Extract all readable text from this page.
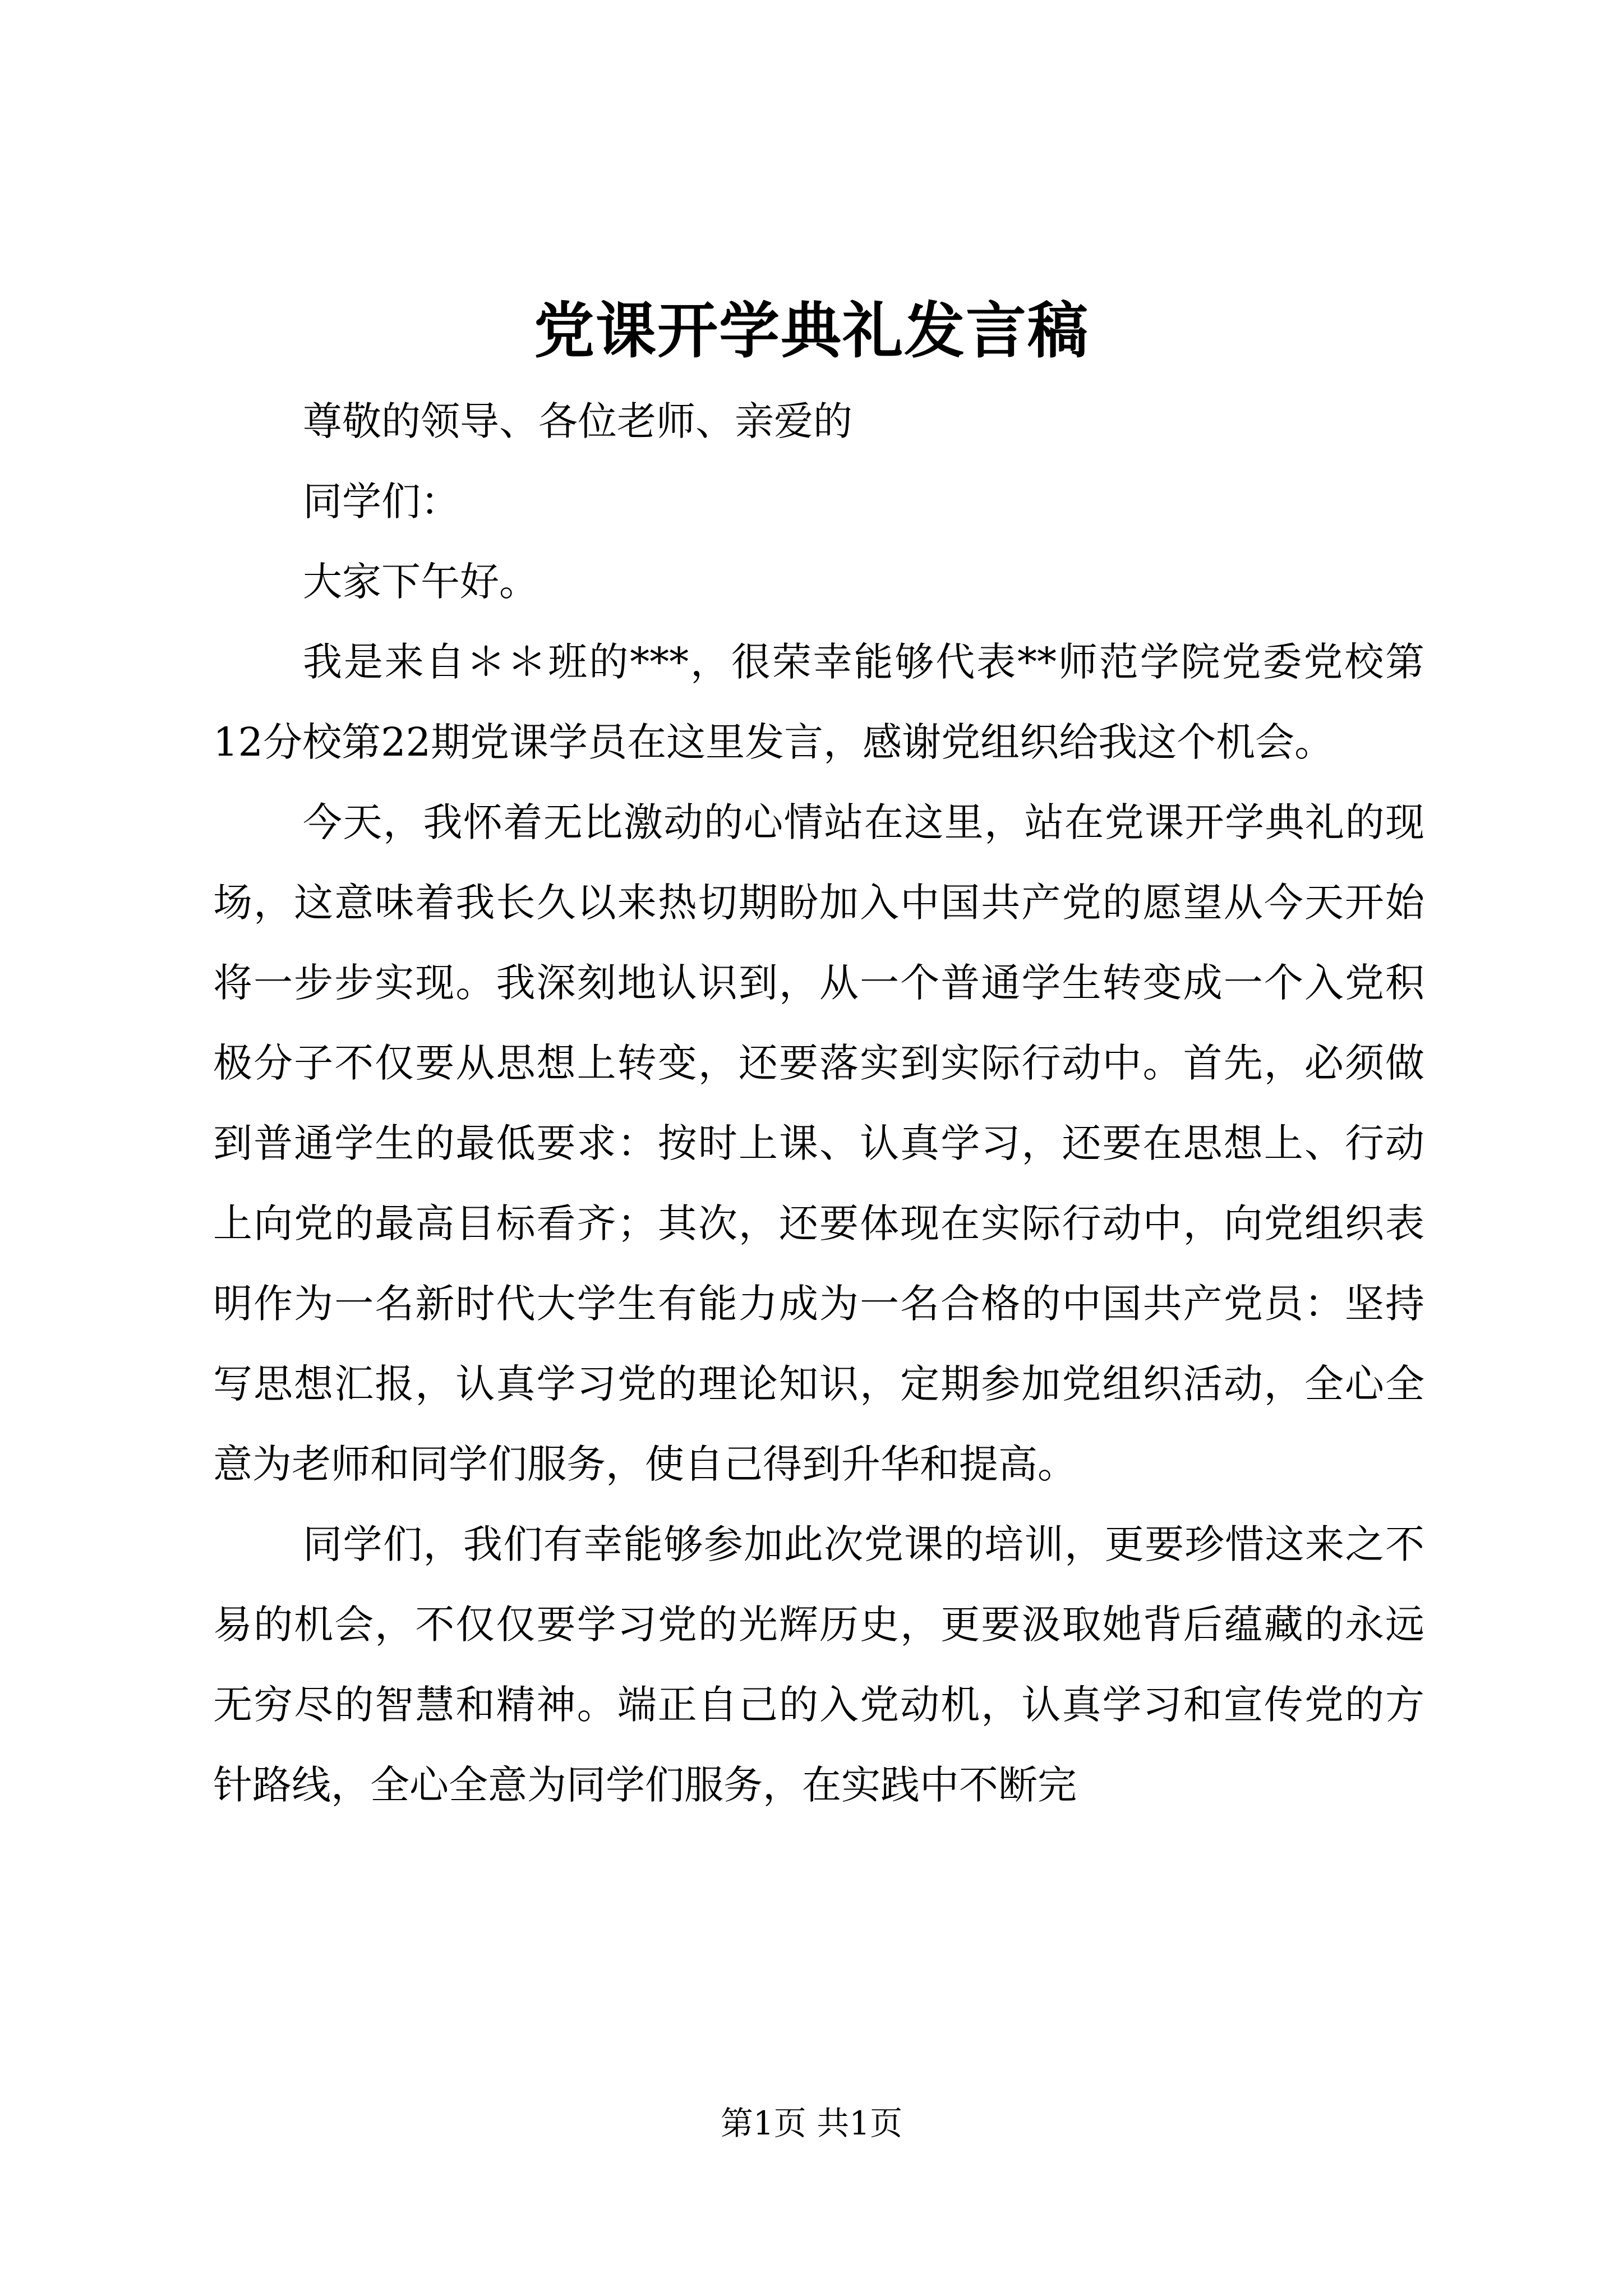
党课开学典礼发言稿

尊敬的领导、各位老师、亲爱的

同学们：

大家下午好。

我是来自＊＊班的***，很荣幸能够代表**师范学院党委党校第12分校第22期党课学员在这里发言，感谢党组织给我这个机会。

今天，我怀着无比激动的心情站在这里，站在党课开学典礼的现场，这意味着我长久以来热切期盼加入中国共产党的愿望从今天开始将一步步实现。我深刻地认识到，从一个普通学生转变成一个入党积极分子不仅要从思想上转变，还要落实到实际行动中。首先，必须做到普通学生的最低要求：按时上课、认真学习，还要在思想上、行动上向党的最高目标看齐；其次，还要体现在实际行动中，向党组织表明作为一名新时代大学生有能力成为一名合格的中国共产党员：坚持写思想汇报，认真学习党的理论知识，定期参加党组织活动，全心全意为老师和同学们服务，使自己得到升华和提高。

同学们，我们有幸能够参加此次党课的培训，更要珍惜这来之不易的机会，不仅仅要学习党的光辉历史，更要汲取她背后蕴藏的永远无穷尽的智慧和精神。端正自己的入党动机，认真学习和宣传党的方针路线，全心全意为同学们服务，在实践中不断完

第1页 共1页
